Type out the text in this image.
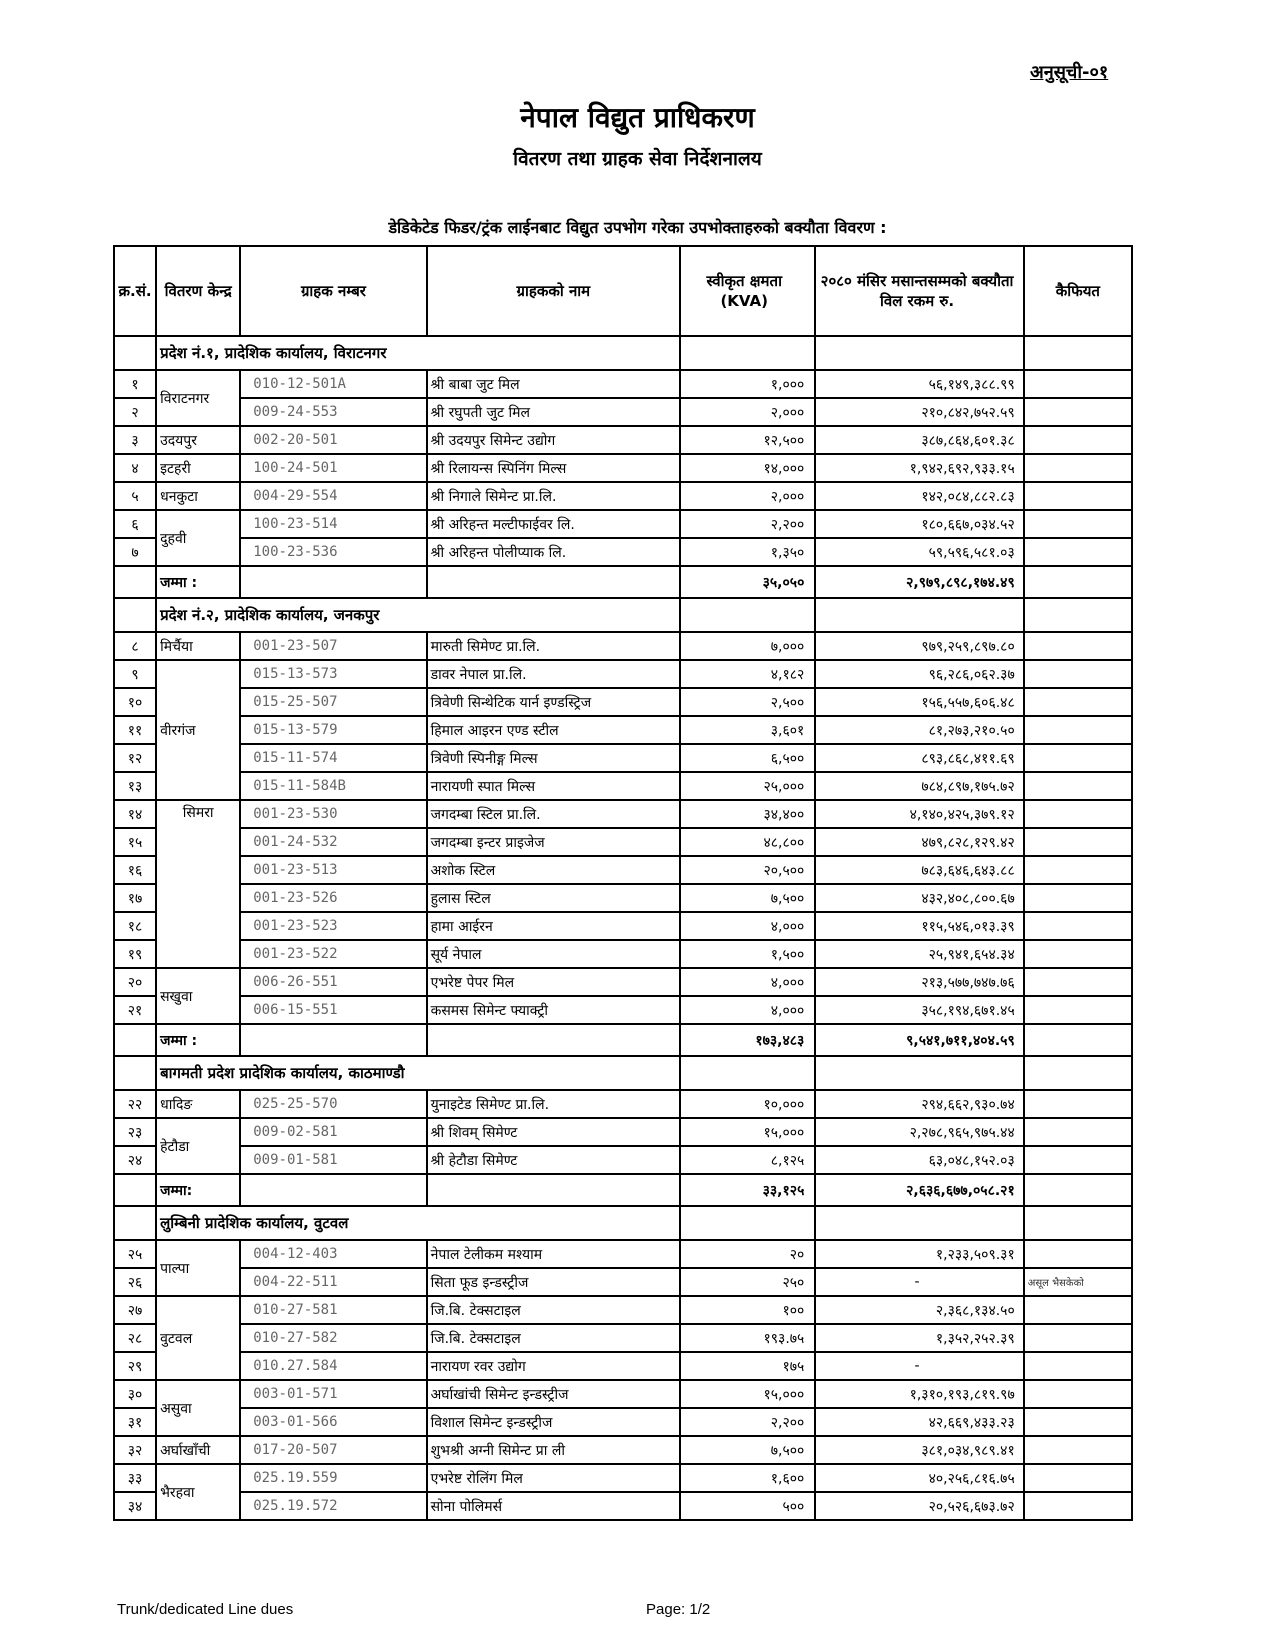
अनुसूची-०१
नेपाल विद्युत प्राधिकरण
वितरण तथा ग्राहक सेवा निर्देशनालय
डेडिकेटेड फिडर/ट्रंक लाईनबाट विद्युत उपभोग गरेका उपभोक्ताहरुको बक्यौता विवरण :
क्र.सं.	वितरण केन्द्र	ग्राहक नम्बर	ग्राहकको नाम	स्वीकृत क्षमता (KVA)	२०८० मंसिर मसान्तसम्मको बक्यौता विल रकम रु.	कैफियत
	प्रदेश नं.१, प्रादेशिक कार्यालय, विराटनगर					
१	विराटनगर	010-12-501A	श्री बाबा जुट मिल	१,०००	५६,१४९,३८८.९९	
२		009-24-553	श्री रघुपती जुट मिल	२,०००	२१०,८४२,७५२.५९	
३	उदयपुर	002-20-501	श्री उदयपुर सिमेन्ट उद्योग	१२,५००	३८७,८६४,६०१.३८	
४	इटहरी	100-24-501	श्री रिलायन्स स्पिनिंग मिल्स	१४,०००	१,९४२,६९२,९३३.१५	
५	धनकुटा	004-29-554	श्री निगाले सिमेन्ट प्रा.लि.	२,०००	१४२,०८४,८८२.८३	
६	दुहवी	100-23-514	श्री अरिहन्त मल्टीफाईवर लि.	२,२००	१८०,६६७,०३४.५२	
७		100-23-536	श्री अरिहन्त पोलीप्याक लि.	१,३५०	५९,५९६,५८१.०३	
	जम्मा :			३५,०५०	२,९७९,८९८,१७४.४९	
	प्रदेश नं.२, प्रादेशिक कार्यालय, जनकपुर					
८	मिर्चैया	001-23-507	मारुती सिमेण्ट प्रा.लि.	७,०००	९७९,२५९,८९७.८०	
९	वीरगंज	015-13-573	डावर नेपाल प्रा.लि.	४,१८२	९६,२८६,०६२.३७	
१०		015-25-507	त्रिवेणी सिन्थेटिक यार्न इण्डस्ट्रिज	२,५००	१५६,५५७,६०६.४८	
११		015-13-579	हिमाल आइरन एण्ड स्टील	३,६०१	८१,२७३,२१०.५०	
१२		015-11-574	त्रिवेणी स्पिनीङ्ग मिल्स	६,५००	८९३,८६८,४११.६९	
१३		015-11-584B	नारायणी स्पात मिल्स	२५,०००	७८४,८९७,१७५.७२	
१४	सिमरा	001-23-530	जगदम्बा स्टिल प्रा.लि.	३४,४००	४,१४०,४२५,३७९.१२	
१५		001-24-532	जगदम्बा इन्टर प्राइजेज	४८,८००	४७९,८२८,१२९.४२	
१६		001-23-513	अशोक स्टिल	२०,५००	७८३,६४६,६४३.८८	
१७		001-23-526	हुलास स्टिल	७,५००	४३२,४०८,८००.६७	
१८		001-23-523	हामा आईरन	४,०००	११५,५४६,०१३.३९	
१९		001-23-522	सूर्य नेपाल	१,५००	२५,९४१,६५४.३४	
२०	सखुवा	006-26-551	एभरेष्ट पेपर मिल	४,०००	२१३,५७७,७४७.७६	
२१		006-15-551	कसमस सिमेन्ट फ्याक्ट्री	४,०००	३५८,१९४,६७१.४५	
	जम्मा :			१७३,४८३	९,५४१,७११,४०४.५९	
	बागमती प्रदेश प्रादेशिक कार्यालय, काठमाण्डौ					
२२	धादिङ	025-25-570	युनाइटेड सिमेण्ट प्रा.लि.	१०,०००	२९४,६६२,९३०.७४	
२३	हेटौडा	009-02-581	श्री शिवम् सिमेण्ट	१५,०००	२,२७८,९६५,९७५.४४	
२४		009-01-581	श्री हेटौडा सिमेण्ट	८,१२५	६३,०४८,१५२.०३	
	जम्मा:			३३,१२५	२,६३६,६७७,०५८.२१	
	लुम्बिनी प्रादेशिक कार्यालय, वुटवल					
२५	पाल्पा	004-12-403	नेपाल टेलीकम मश्याम	२०	१,२३३,५०९.३१	
२६		004-22-511	सिता फूड इन्डस्ट्रीज	२५०	-	असूल भैसकेको
२७	वुटवल	010-27-581	जि.बि. टेक्सटाइल	१००	२,३६८,१३४.५०	
२८		010-27-582	जि.बि. टेक्सटाइल	१९३.७५	१,३५२,२५२.३९	
२९		010.27.584	नारायण रवर उद्योग	१७५	-	
३०	असुवा	003-01-571	अर्घाखांची सिमेन्ट इन्डस्ट्रीज	१५,०००	१,३१०,१९३,८१९.९७	
३१		003-01-566	विशाल सिमेन्ट इन्डस्ट्रीज	२,२००	४२,६६९,४३३.२३	
३२	अर्घाखाँची	017-20-507	शुभश्री अग्नी सिमेन्ट प्रा ली	७,५००	३८१,०३४,९८९.४१	
३३	भैरहवा	025.19.559	एभरेष्ट रोलिंग मिल	१,६००	४०,२५६,८१६.७५	
३४		025.19.572	सोना पोलिमर्स	५००	२०,५२६,६७३.७२	
Trunk/dedicated Line dues	Page: 1/2
